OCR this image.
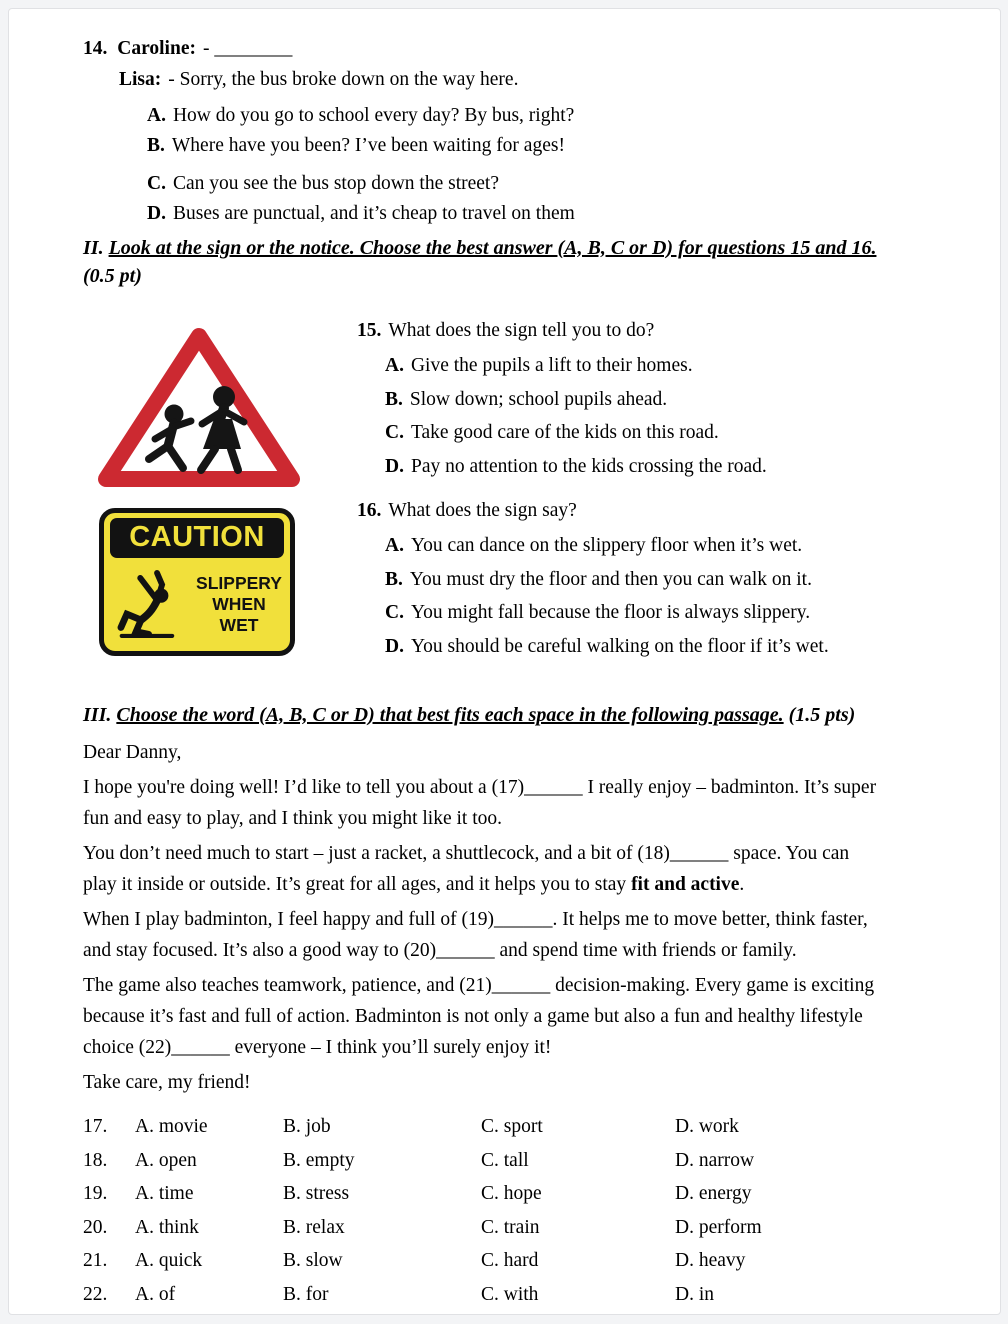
14. Caroline: - ________
Lisa: - Sorry, the bus broke down on the way here.
A. How do you go to school every day? By bus, right?
B. Where have you been? I’ve been waiting for ages!
C. Can you see the bus stop down the street?
D. Buses are punctual, and it’s cheap to travel on them
II. Look at the sign or the notice. Choose the best answer (A, B, C or D) for questions 15 and 16.
(0.5 pt)
15. What does the sign tell you to do?
A. Give the pupils a lift to their homes.
B. Slow down; school pupils ahead.
C. Take good care of the kids on this road.
D. Pay no attention to the kids crossing the road.
CAUTION
SLIPPERY
WHEN
WET
16. What does the sign say?
A. You can dance on the slippery floor when it’s wet.
B. You must dry the floor and then you can walk on it.
C. You might fall because the floor is always slippery.
D. You should be careful walking on the floor if it’s wet.
III. Choose the word (A, B, C or D) that best fits each space in the following passage. (1.5 pts)
Dear Danny,
I hope you're doing well! I’d like to tell you about a (17)______ I really enjoy – badminton. It’s super
fun and easy to play, and I think you might like it too.
You don’t need much to start – just a racket, a shuttlecock, and a bit of (18)______ space. You can
play it inside or outside. It’s great for all ages, and it helps you to stay fit and active.
When I play badminton, I feel happy and full of (19)______. It helps me to move better, think faster,
and stay focused. It’s also a good way to (20)______ and spend time with friends or family.
The game also teaches teamwork, patience, and (21)______ decision-making. Every game is exciting
because it’s fast and full of action. Badminton is not only a game but also a fun and healthy lifestyle
choice (22)______ everyone – I think you’ll surely enjoy it!
Take care, my friend!
17.	A. movie	B. job	C. sport	D. work
18.	A. open	B. empty	C. tall	D. narrow
19.	A. time	B. stress	C. hope	D. energy
20.	A. think	B. relax	C. train	D. perform
21.	A. quick	B. slow	C. hard	D. heavy
22.	A. of	B. for	C. with	D. in
